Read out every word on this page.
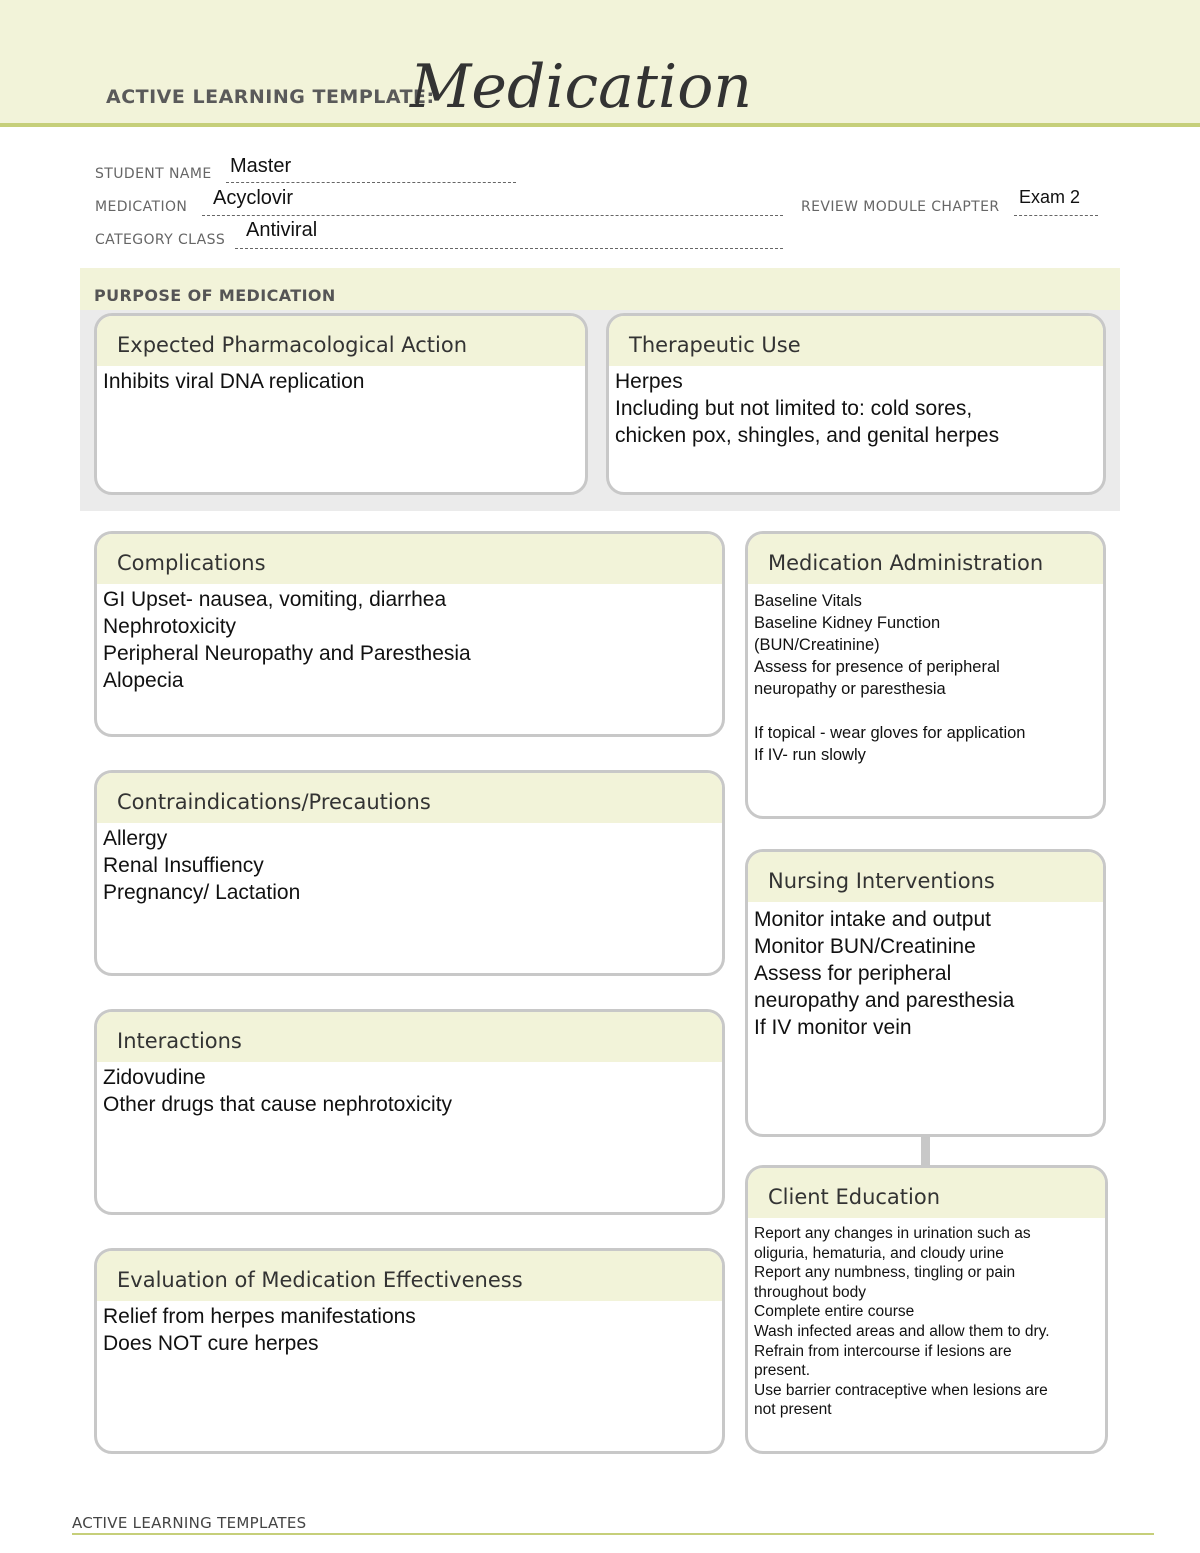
ACTIVE LEARNING TEMPLATE:
Medication
STUDENT NAME Master
MEDICATION Acyclovir	REVIEW MODULE CHAPTER Exam 2
CATEGORY CLASS Antiviral
PURPOSE OF MEDICATION
Expected Pharmacological Action
Inhibits viral DNA replication
Therapeutic Use
Herpes
Including but not limited to: cold sores,
chicken pox, shingles, and genital herpes
Complications
GI Upset- nausea, vomiting, diarrhea
Nephrotoxicity
Peripheral Neuropathy and Paresthesia
Alopecia
Contraindications/Precautions
Allergy
Renal Insuffiency
Pregnancy/ Lactation
Interactions
Zidovudine
Other drugs that cause nephrotoxicity
Evaluation of Medication Effectiveness
Relief from herpes manifestations
Does NOT cure herpes
Medication Administration
Baseline Vitals
Baseline Kidney Function
(BUN/Creatinine)
Assess for presence of peripheral
neuropathy or paresthesia
If topical - wear gloves for application
If IV- run slowly
Nursing Interventions
Monitor intake and output
Monitor BUN/Creatinine
Assess for peripheral
neuropathy and paresthesia
If IV monitor vein
Client Education
Report any changes in urination such as
oliguria, hematuria, and cloudy urine
Report any numbness, tingling or pain
throughout body
Complete entire course
Wash infected areas and allow them to dry.
Refrain from intercourse if lesions are
present.
Use barrier contraceptive when lesions are
not present
ACTIVE LEARNING TEMPLATES
